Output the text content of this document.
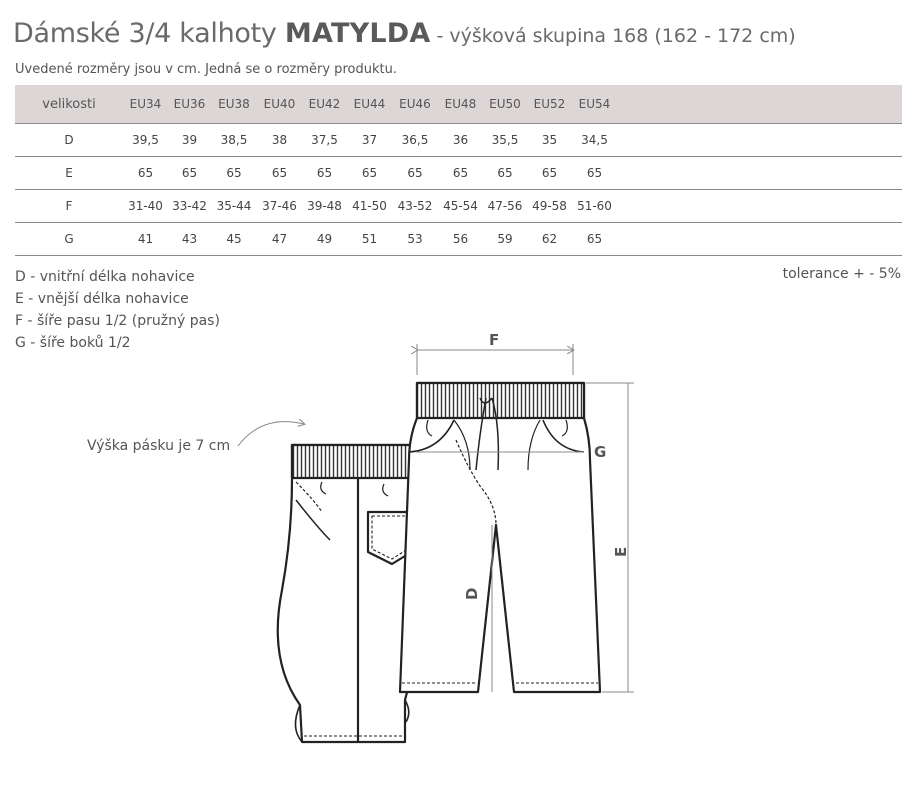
Dámské 3/4 kalhoty MATYLDA - výšková skupina 168 (162 - 172 cm)
Uvedené rozměry jsou v cm. Jedná se o rozměry produktu.
velikosti	EU34	EU36	EU38	EU40	EU42	EU44	EU46	EU48	EU50	EU52	EU54	
D	39,5	39	38,5	38	37,5	37	36,5	36	35,5	35	34,5	
E	65	65	65	65	65	65	65	65	65	65	65	
F	31-40	33-42	35-44	37-46	39-48	41-50	43-52	45-54	47-56	49-58	51-60	
G	41	43	45	47	49	51	53	56	59	62	65	
D - vnitřní délka nohavice
E - vnější délka nohavice
F - šíře pasu 1/2 (pružný pas)
G - šíře boků 1/2
tolerance + - 5%
Výška pásku je 7 cm
F
G
D
E
